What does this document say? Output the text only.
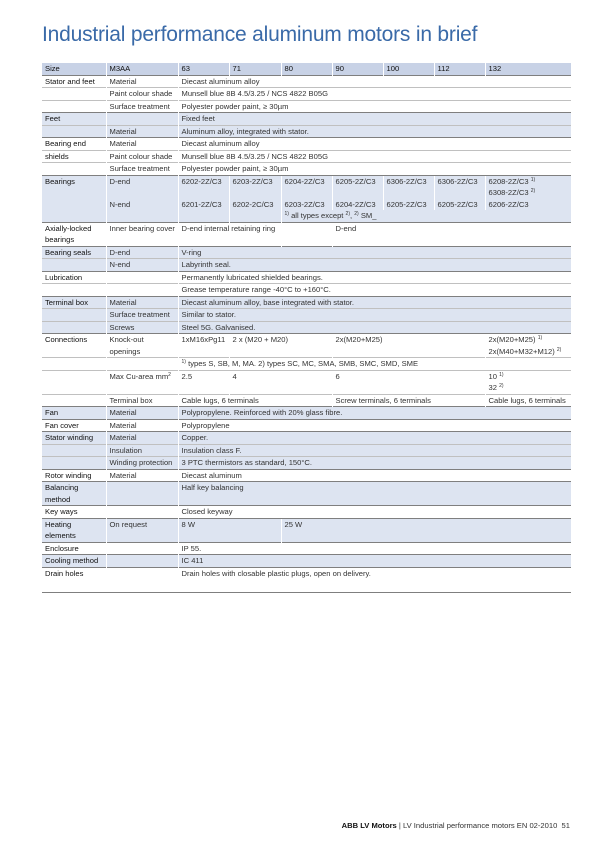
Industrial performance aluminum motors in brief
Size	M3AA	63	71	80	90	100	112	132
Stator and feet	Material	Diecast aluminum alloy						
	Paint colour shade	Munsell blue 8B 4.5/3.25 / NCS 4822 B05G						
	Surface treatment	Polyester powder paint, ≥ 30µm						
Feet		Fixed feet						
	Material	Aluminum alloy, integrated with stator.						
Bearing end	Material	Diecast aluminum alloy						
shields	Paint colour shade	Munsell blue 8B 4.5/3.25 / NCS 4822 B05G						
	Surface treatment	Polyester powder paint, ≥ 30µm						
Bearings	D-end	6202-2Z/C3	6203-2Z/C3	6204-2Z/C3	6205-2Z/C3	6306-2Z/C3	6306-2Z/C3	6208-2Z/C3 $^{1)}$
								6308-2Z/C3 $^{2)}$
	N-end	6201-2Z/C3	6202-2C/C3	6203-2Z/C3	6204-2Z/C3	6205-2Z/C3	6205-2Z/C3	6206-2Z/C3
				$^{1)}$ all types except $^{2)}$, $^{2)}$ SM_				
Axially-locked	Inner bearing cover	D-end internal retaining ring			D-end			
bearings								
Bearing seals	D-end	V-ring						
	N-end	Labyrinth seal.						
Lubrication		Permanently lubricated shielded bearings.						
		Grease temperature range -40°C to +160°C.						
Terminal box	Material	Diecast aluminum alloy, base integrated with stator.						
	Surface treatment	Similar to stator.						
	Screws	Steel 5G. Galvanised.						
Connections	Knock-out	1xM16xPg11	2 x (M20 + M20)		2x(M20+M25)			2x(M20+M25) $^{1)}$
	openings							2x(M40+M32+M12) $^{2)}$
		$^{1)}$ types S, SB, M, MA. 2) types SC, MC, SMA, SMB, SMC, SMD, SME						
	Max Cu-area $mm^2$	2.5	4		6			10 $^{1)}$
								32 $^{2)}$
	Terminal box	Cable lugs, 6 terminals			Screw terminals, 6 terminals			Cable lugs, 6 terminals
Fan	Material	Polypropylene. Reinforced with 20% glass fibre.						
Fan cover	Material	Polypropylene						
Stator winding	Material	Copper.						
	Insulation	Insulation class F.						
	Winding protection	3 PTC thermistors as standard, 150°C.						
Rotor winding	Material	Diecast aluminum						
Balancing		Half key balancing						
method								
Key ways		Closed keyway						
Heating	On request	8 W		25 W				
elements								
Enclosure		IP 55.						
Cooling method		IC 411						
Drain holes		Drain holes with closable plastic plugs, open on delivery.						
ABB LV Motors | LV Industrial performance motors EN 02-2010 51
